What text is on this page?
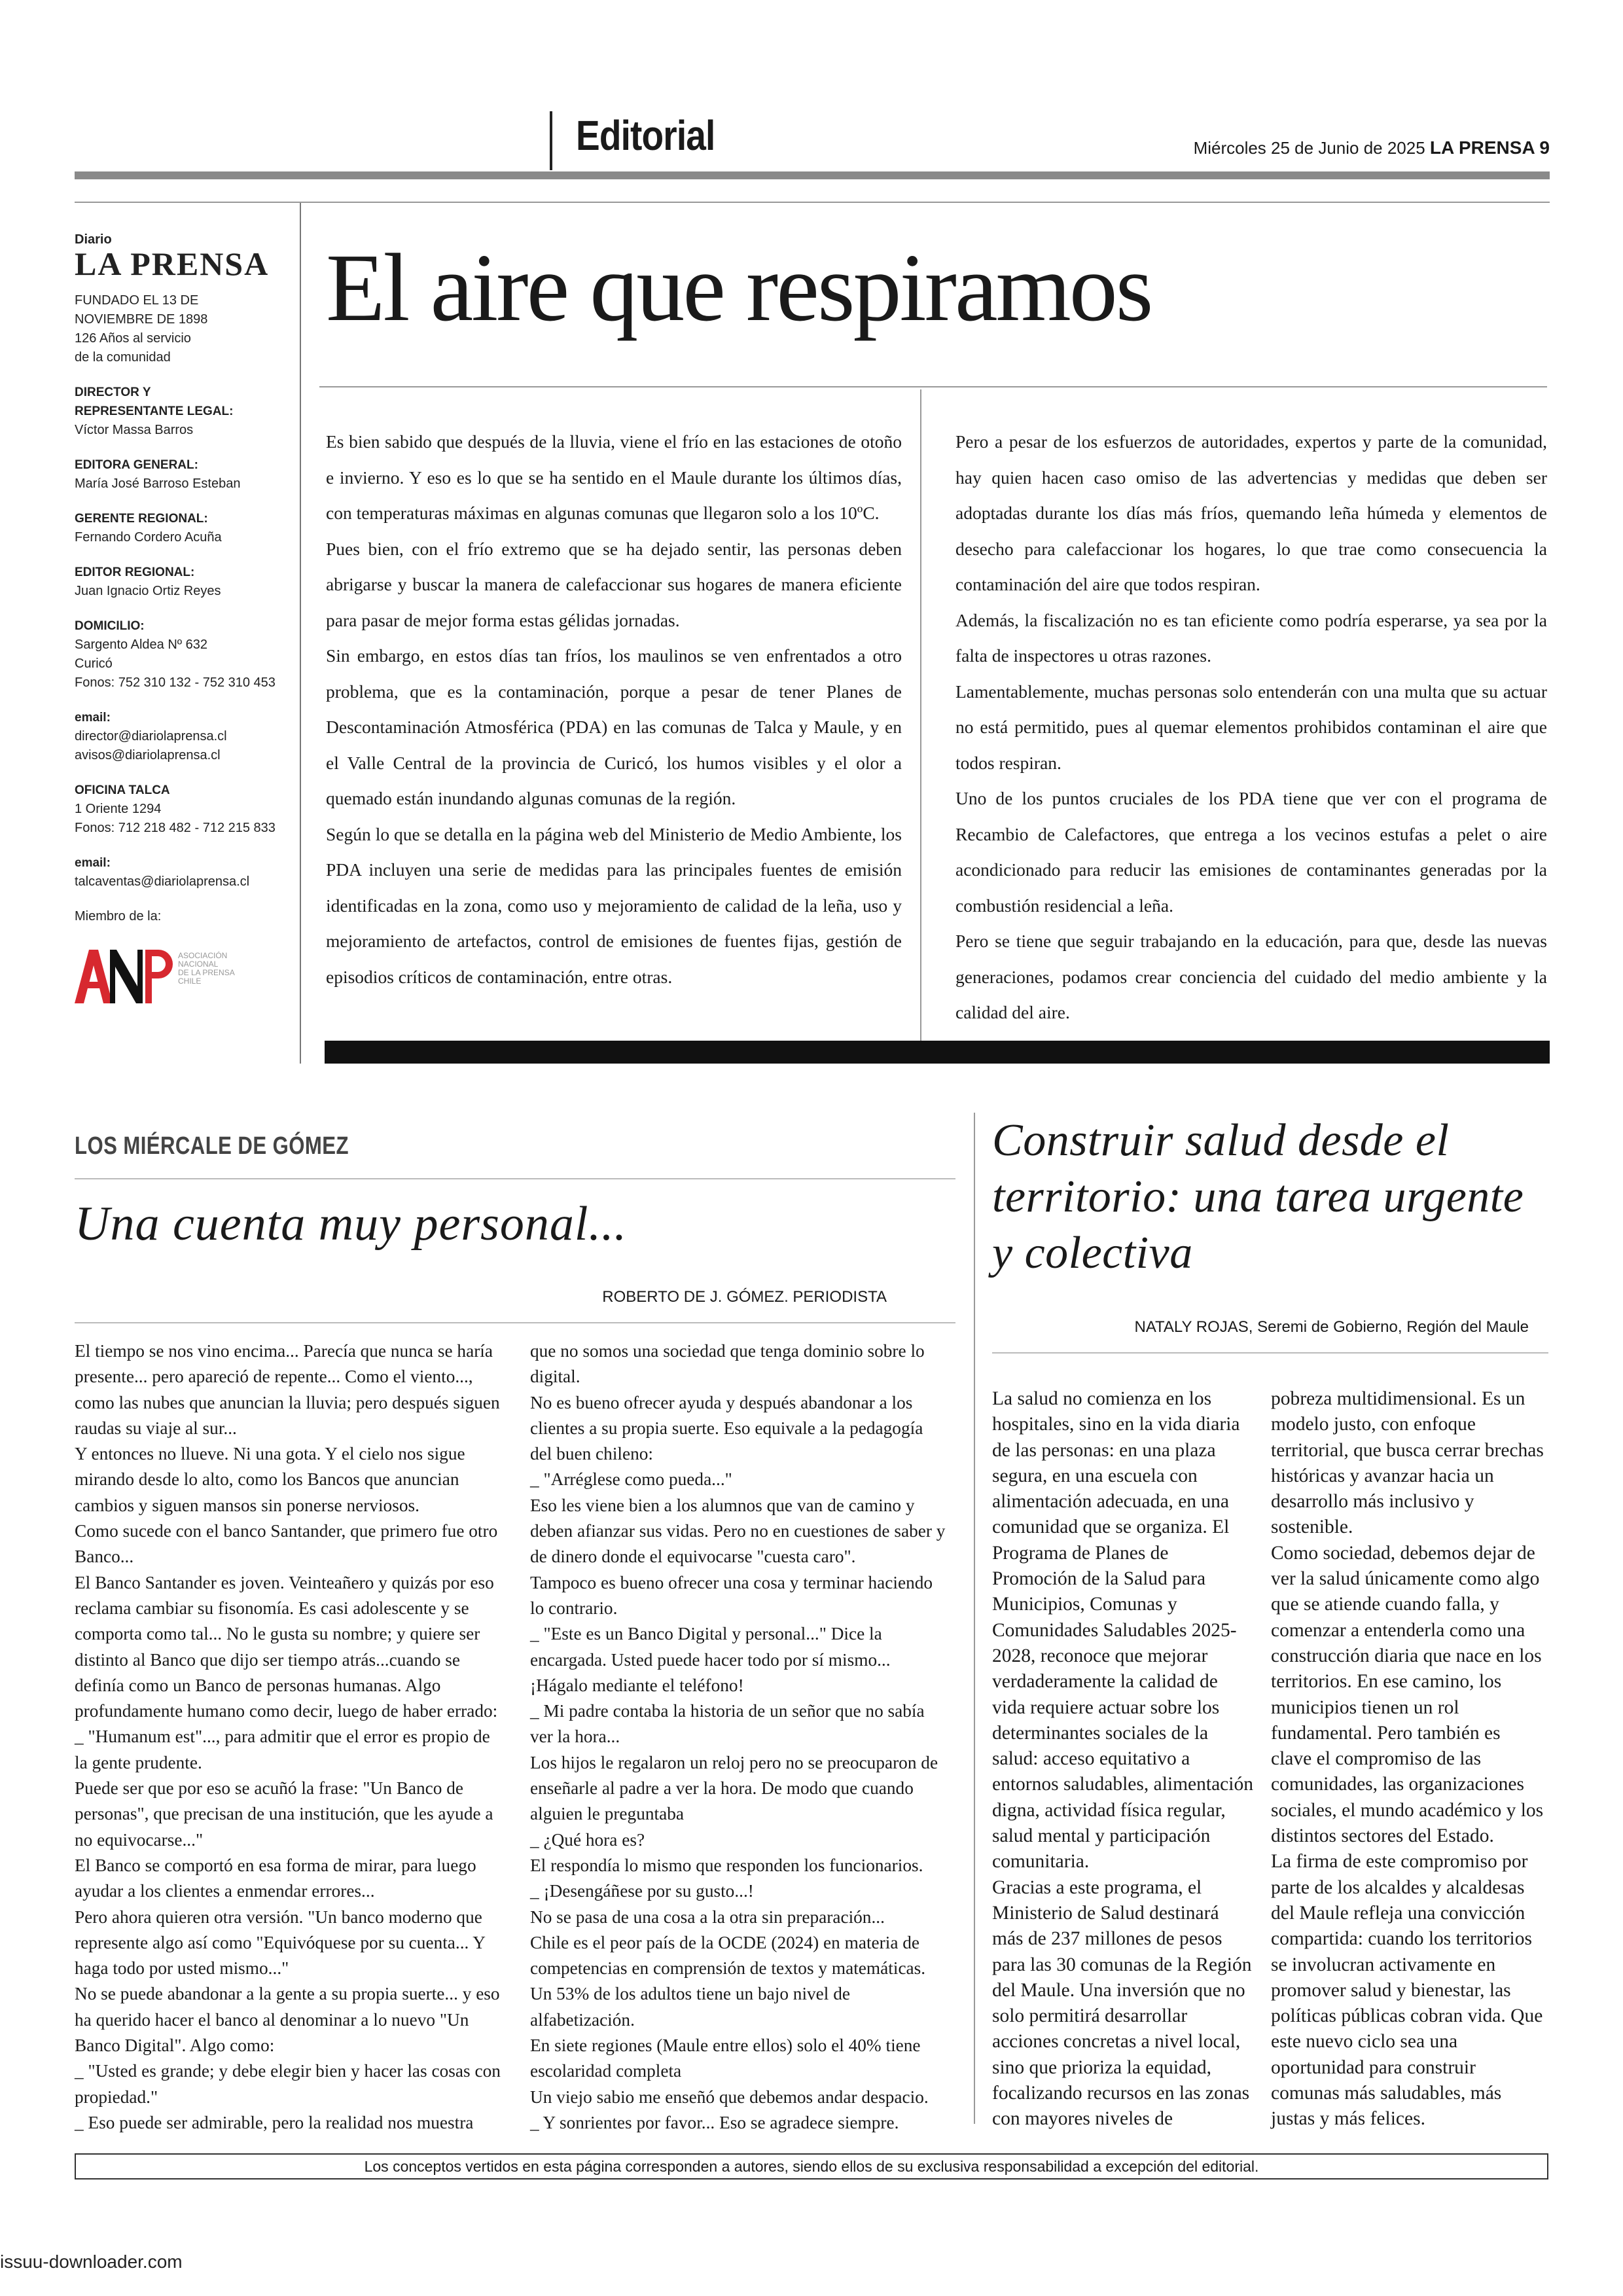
Editorial	Miércoles 25 de Junio de 2025 LA PRENSA 9
Diario
LA PRENSA
FUNDADO EL 13 DE
NOVIEMBRE DE 1898
126 Años al servicio
de la comunidad
DIRECTOR Y
REPRESENTANTE LEGAL:
Víctor Massa Barros
EDITORA GENERAL:
María José Barroso Esteban
GERENTE REGIONAL:
Fernando Cordero Acuña
EDITOR REGIONAL:
Juan Ignacio Ortiz Reyes
DOMICILIO:
Sargento Aldea Nº 632
Curicó
Fonos: 752 310 132 - 752 310 453
email:
director@diariolaprensa.cl
avisos@diariolaprensa.cl
OFICINA TALCA
1 Oriente 1294
Fonos: 712 218 482 - 712 215 833
email:
talcaventas@diariolaprensa.cl
Miembro de la:
ASOCIACIÓN
NACIONAL
DE LA PRENSA
CHILE
El aire que respiramos

Es bien sabido que después de la lluvia, viene el frío en las estaciones de otoño e invierno. Y eso es lo que se ha sentido en el Maule durante los últimos días, con temperaturas máximas en algunas comunas que llegaron solo a los 10ºC.

Pues bien, con el frío extremo que se ha dejado sentir, las personas deben abrigarse y buscar la manera de calefaccionar sus hogares de manera eficiente para pasar de mejor forma estas gélidas jornadas.

Sin embargo, en estos días tan fríos, los maulinos se ven enfrentados a otro problema, que es la contaminación, porque a pesar de tener Planes de Descontaminación Atmosférica (PDA) en las comunas de Talca y Maule, y en el Valle Central de la provincia de Curicó, los humos visibles y el olor a quemado están inundando algunas comunas de la región.

Según lo que se detalla en la página web del Ministerio de Medio Ambiente, los PDA incluyen una serie de medidas para las principales fuentes de emisión identificadas en la zona, como uso y mejoramiento de calidad de la leña, uso y mejoramiento de artefactos, control de emisiones de fuentes fijas, gestión de episodios críticos de contaminación, entre otras.

Pero a pesar de los esfuerzos de autoridades, expertos y parte de la comunidad, hay quien hacen caso omiso de las advertencias y medidas que deben ser adoptadas durante los días más fríos, quemando leña húmeda y elementos de desecho para calefaccionar los hogares, lo que trae como consecuencia la contaminación del aire que todos respiran.

Además, la fiscalización no es tan eficiente como podría esperarse, ya sea por la falta de inspectores u otras razones.

Lamentablemente, muchas personas solo entenderán con una multa que su actuar no está permitido, pues al quemar elementos prohibidos contaminan el aire que todos respiran.

Uno de los puntos cruciales de los PDA tiene que ver con el programa de Recambio de Calefactores, que entrega a los vecinos estufas a pelet o aire acondicionado para reducir las emisiones de contaminantes generadas por la combustión residencial a leña.

Pero se tiene que seguir trabajando en la educación, para que, desde las nuevas generaciones, podamos crear conciencia del cuidado del medio ambiente y la calidad del aire.

LOS MIÉRCALE DE GÓMEZ
Una cuenta muy personal...
ROBERTO DE J. GÓMEZ. PERIODISTA

El tiempo se nos vino encima... Parecía que nunca se haría presente... pero apareció de repente... Como el viento..., como las nubes que anuncian la lluvia; pero después siguen raudas su viaje al sur...

Y entonces no llueve. Ni una gota. Y el cielo nos sigue mirando desde lo alto, como los Bancos que anuncian cambios y siguen mansos sin ponerse nerviosos.

Como sucede con el banco Santander, que primero fue otro Banco...

El Banco Santander es joven. Veinteañero y quizás por eso reclama cambiar su fisonomía. Es casi adolescente y se comporta como tal... No le gusta su nombre; y quiere ser distinto al Banco que dijo ser tiempo atrás...cuando se definía como un Banco de personas humanas. Algo profundamente humano como decir, luego de haber errado:

_ "Humanum est"..., para admitir que el error es propio de la gente prudente.

Puede ser que por eso se acuñó la frase: "Un Banco de personas", que precisan de una institución, que les ayude a no equivocarse..."

El Banco se comportó en esa forma de mirar, para luego ayudar a los clientes a enmendar errores...

Pero ahora quieren otra versión. "Un banco moderno que represente algo así como "Equivóquese por su cuenta... Y haga todo por usted mismo..."

No se puede abandonar a la gente a su propia suerte... y eso ha querido hacer el banco al denominar a lo nuevo "Un Banco Digital". Algo como:

_ "Usted es grande; y debe elegir bien y hacer las cosas con propiedad."

_ Eso puede ser admirable, pero la realidad nos muestra

que no somos una sociedad que tenga dominio sobre lo digital.

No es bueno ofrecer ayuda y después abandonar a los clientes a su propia suerte. Eso equivale a la pedagogía del buen chileno:

_ "Arréglese como pueda..."

Eso les viene bien a los alumnos que van de camino y deben afianzar sus vidas. Pero no en cuestiones de saber y de dinero donde el equivocarse "cuesta caro".

Tampoco es bueno ofrecer una cosa y terminar haciendo lo contrario.

_ "Este es un Banco Digital y personal..." Dice la encargada. Usted puede hacer todo por sí mismo... ¡Hágalo mediante el teléfono!

_ Mi padre contaba la historia de un señor que no sabía ver la hora...

Los hijos le regalaron un reloj pero no se preocuparon de enseñarle al padre a ver la hora. De modo que cuando alguien le preguntaba

_ ¿Qué hora es?

El respondía lo mismo que responden los funcionarios.

_ ¡Desengáñese por su gusto...!

No se pasa de una cosa a la otra sin preparación...

Chile es el peor país de la OCDE (2024) en materia de competencias en comprensión de textos y matemáticas. Un 53% de los adultos tiene un bajo nivel de alfabetización.

En siete regiones (Maule entre ellos) solo el 40% tiene escolaridad completa

Un viejo sabio me enseñó que debemos andar despacio.

_ Y sonrientes por favor... Eso se agradece siempre.

Construir salud desde el territorio: una tarea urgente y colectiva
NATALY ROJAS, Seremi de Gobierno, Región del Maule

La salud no comienza en los hospitales, sino en la vida diaria de las personas: en una plaza segura, en una escuela con alimentación adecuada, en una comunidad que se organiza. El Programa de Planes de Promoción de la Salud para Municipios, Comunas y Comunidades Saludables 2025-2028, reconoce que mejorar verdaderamente la calidad de vida requiere actuar sobre los determinantes sociales de la salud: acceso equitativo a entornos saludables, alimentación digna, actividad física regular, salud mental y participación comunitaria.

Gracias a este programa, el Ministerio de Salud destinará más de 237 millones de pesos para las 30 comunas de la Región del Maule. Una inversión que no solo permitirá desarrollar acciones concretas a nivel local, sino que prioriza la equidad, focalizando recursos en las zonas con mayores niveles de

pobreza multidimensional. Es un modelo justo, con enfoque territorial, que busca cerrar brechas históricas y avanzar hacia un desarrollo más inclusivo y sostenible.

Como sociedad, debemos dejar de ver la salud únicamente como algo que se atiende cuando falla, y comenzar a entenderla como una construcción diaria que nace en los territorios. En ese camino, los municipios tienen un rol fundamental. Pero también es clave el compromiso de las comunidades, las organizaciones sociales, el mundo académico y los distintos sectores del Estado.

La firma de este compromiso por parte de los alcaldes y alcaldesas del Maule refleja una convicción compartida: cuando los territorios se involucran activamente en promover salud y bienestar, las políticas públicas cobran vida. Que este nuevo ciclo sea una oportunidad para construir comunas más saludables, más justas y más felices.

Los conceptos vertidos en esta página corresponden a autores, siendo ellos de su exclusiva responsabilidad a excepción del editorial.
issuu-downloader.com
